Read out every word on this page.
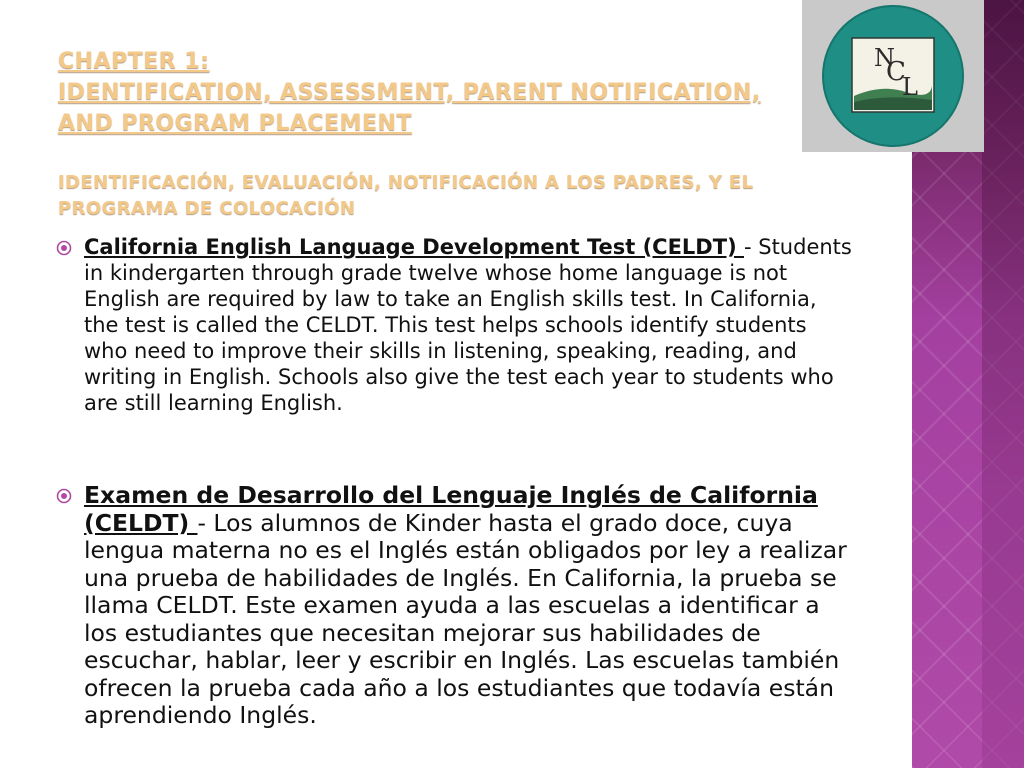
N
C
L
CHAPTER 1:
IDENTIFICATION, ASSESSMENT, PARENT NOTIFICATION, AND PROGRAM PLACEMENT
IDENTIFICACIÓN, EVALUACIÓN, NOTIFICACIÓN A LOS PADRES, Y EL PROGRAMA DE COLOCACIÓN
California English Language Development Test (CELDT) - Students in kindergarten through grade twelve whose home language is not English are required by law to take an English skills test. In California, the test is called the CELDT. This test helps schools identify students who need to improve their skills in listening, speaking, reading, and writing in English. Schools also give the test each year to students who are still learning English.
Examen de Desarrollo del Lenguaje Inglés de California (CELDT) - Los alumnos de Kinder hasta el grado doce, cuya lengua materna no es el Inglés están obligados por ley a realizar una prueba de habilidades de Inglés. En California, la prueba se llama CELDT. Este examen ayuda a las escuelas a identificar a los estudiantes que necesitan mejorar sus habilidades de escuchar, hablar, leer y escribir en Inglés. Las escuelas también ofrecen la prueba cada año a los estudiantes que todavía están aprendiendo Inglés.
